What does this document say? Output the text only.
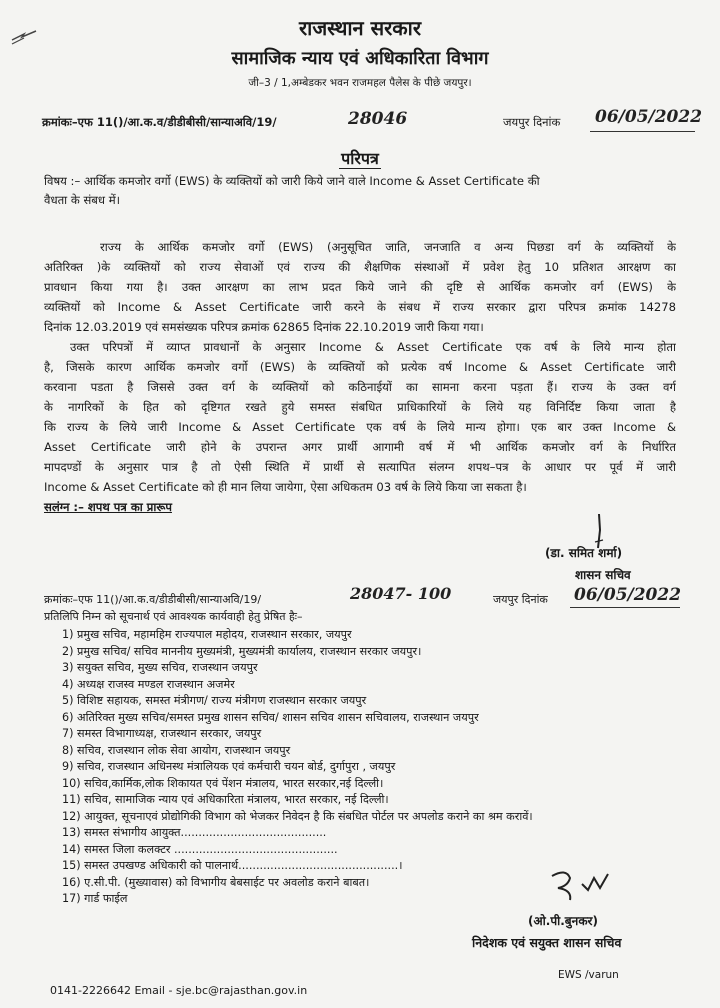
राजस्थान सरकार
सामाजिक न्याय एवं अधिकारिता विभाग
जी–3 / 1,अम्बेडकर भवन राजमहल पैलेस के पीछे जयपुर।
क्रमांकः–एफ 11()/आ.क.व/डीडीबीसी/सान्याअवि/19/	28046	जयपुर दिनांक 06/05/2022
परिपत्र
विषय :– आर्थिक कमजोर वर्गो (EWS) के व्यक्तियों को जारी किये जाने वाले Income & Asset Certificate की
वैधता के संबध में।
राज्य के आर्थिक कमजोर वर्गो (EWS) (अनुसूचित जाति, जनजाति व अन्य पिछडा वर्ग के व्यक्तियों के
अतिरिक्त )के व्यक्तियों को राज्य सेवाओं एवं राज्य की शैक्षणिक संस्थाओं में प्रवेश हेतु 10 प्रतिशत आरक्षण का
प्रावधान किया गया है। उक्त आरक्षण का लाभ प्रदत किये जाने की दृष्टि से आर्थिक कमजोर वर्ग (EWS) के
व्यक्तियों को Income & Asset Certificate जारी करने के संबध में राज्य सरकार द्वारा परिपत्र क्रमांक 14278
दिनांक 12.03.2019 एवं समसंख्यक परिपत्र क्रमांक 62865 दिनांक 22.10.2019 जारी किया गया।
उक्त परिपत्रों में व्याप्त प्रावधानों के अनुसार Income & Asset Certificate एक वर्ष के लिये मान्य होता
है, जिसके कारण आर्थिक कमजोर वर्गो (EWS) के व्यक्तियों को प्रत्येक वर्ष Income & Asset Certificate जारी
करवाना पडता है जिससे उक्त वर्ग के व्यक्तियों को कठिनाईयों का सामना करना पड़ता हैं। राज्य के उक्त वर्ग
के नागरिकों के हित को दृष्टिगत रखते हुये समस्त संबधित प्राधिकारियों के लिये यह विनिर्दिष्ट किया जाता है
कि राज्य के लिये जारी Income & Asset Certificate एक वर्ष के लिये मान्य होगा। एक बार उक्त Income &
Asset Certificate जारी होने के उपरान्त अगर प्रार्थी आगामी वर्ष में भी आर्थिक कमजोर वर्ग के निर्धारित
मापदण्डों के अनुसार पात्र है तो ऐसी स्थिति में प्रार्थी से सत्यापित संलग्न शपथ–पत्र के आधार पर पूर्व में जारी
Income & Asset Certificate को ही मान लिया जायेगा, ऐसा अधिकतम 03 वर्ष के लिये किया जा सकता है।
सलंग्न :– शपथ पत्र का प्रारूप
(डा. समित शर्मा)
शासन सचिव
क्रमांकः–एफ 11()/आ.क.व/डीडीबीसी/सान्याअवि/19/	28047- 100	जयपुर दिनांक 06/05/2022
प्रतिलिपि निम्न को सूचनार्थ एवं आवश्यक कार्यवाही हेतु प्रेषित हैः–
1) प्रमुख सचिव, महामहिम राज्यपाल महोदय, राजस्थान सरकार, जयपुर
2) प्रमुख सचिव/ सचिव माननीय मुख्यमंत्री, मुख्यमंत्री कार्यालय, राजस्थान सरकार जयपुर।
3) सयुक्त सचिव, मुख्य सचिव, राजस्थान जयपुर
4) अध्यक्ष राजस्व मण्डल राजस्थान अजमेर
5) विशिष्ट सहायक, समस्त मंत्रीगण/ राज्य मंत्रीगण राजस्थान सरकार जयपुर
6) अतिरिक्त मुख्य सचिव/समस्त प्रमुख शासन सचिव/ शासन सचिव शासन सचिवालय, राजस्थान जयपुर
7) समस्त विभागाध्यक्ष, राजस्थान सरकार, जयपुर
8) सचिव, राजस्थान लोक सेवा आयोग, राजस्थान जयपुर
9) सचिव, राजस्थान अधिनस्थ मंत्रालियक एवं कर्मचारी चयन बोर्ड, दुर्गापुरा , जयपुर
10) सचिव,कार्मिक,लोक शिकायत एवं पेंशन मंत्रालय, भारत सरकार,नई दिल्ली।
11) सचिव, सामाजिक न्याय एवं अधिकारिता मंत्रालय, भारत सरकार, नई दिल्ली।
12) आयुक्त, सूचनाएवं प्रोद्योगिकी विभाग को भेजकर निवेदन है कि संबधित पोर्टल पर अपलोड कराने का श्रम करावें।
13) समस्त संभागीय आयुक्त.........................................
14) समस्त जिला कलक्टर ..............................................
15) समस्त उपखण्ड अधिकारी को पालनार्थ.............................................।
16) ए.सी.पी. (मुख्यावास) को विभागीय बेबसाईट पर अवलोड कराने बाबत।
17) गार्ड फाईल
(ओ.पी.बुनकर)
निदेशक एवं सयुक्त शासन सचिव
EWS /varun
0141-2226642 Email - sje.bc@rajasthan.gov.in
